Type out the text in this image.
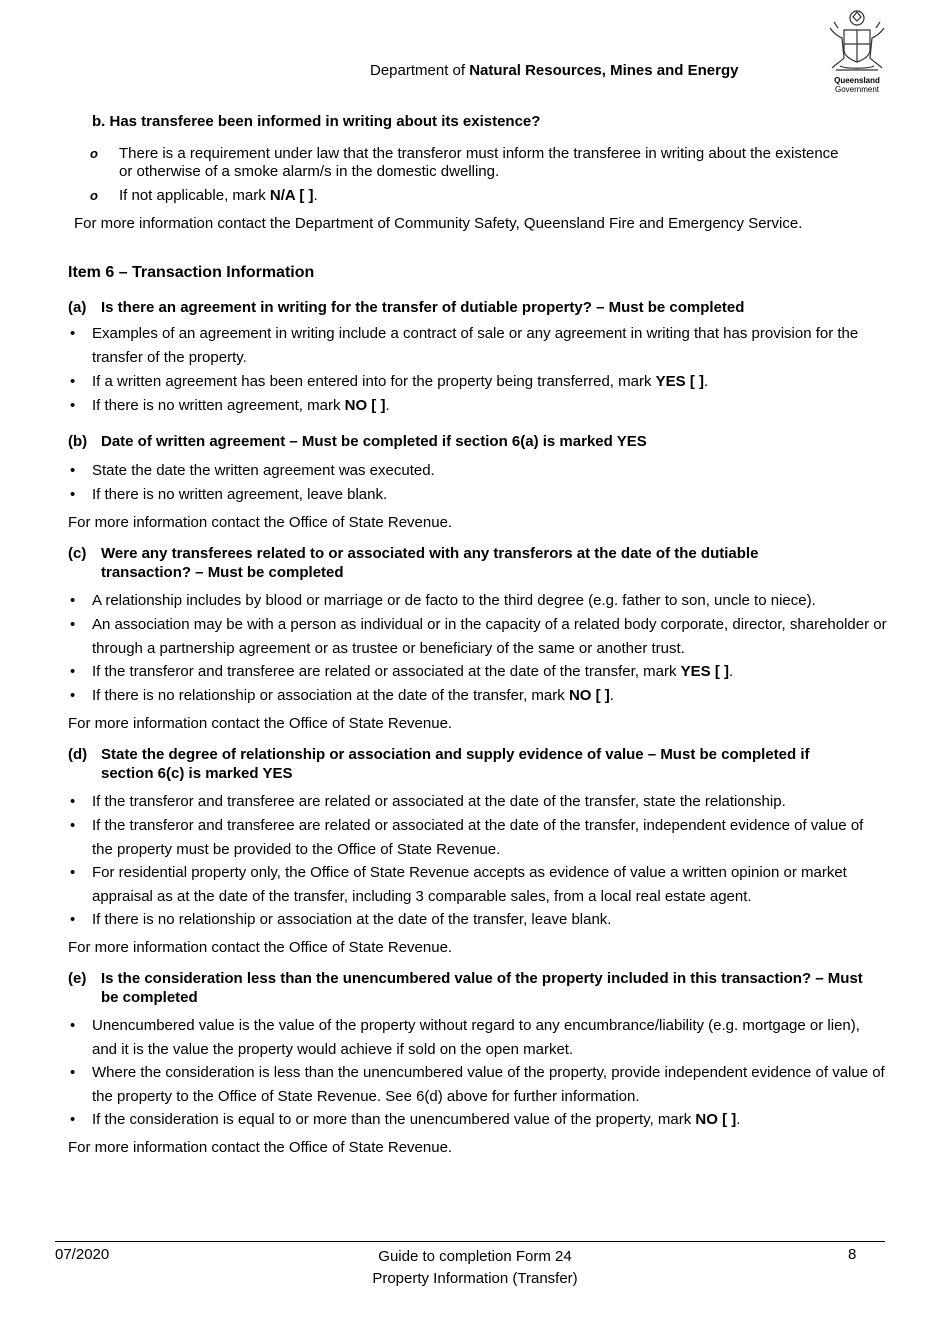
Department of Natural Resources, Mines and Energy
Queensland
Government
b. Has transferee been informed in writing about its existence?
o There is a requirement under law that the transferor must inform the transferee in writing about the existence or otherwise of a smoke alarm/s in the domestic dwelling.
o If not applicable, mark N/A [ ].
For more information contact the Department of Community Safety, Queensland Fire and Emergency Service.
Item 6 – Transaction Information
(a) Is there an agreement in writing for the transfer of dutiable property? – Must be completed
• Examples of an agreement in writing include a contract of sale or any agreement in writing that has provision for the transfer of the property.
• If a written agreement has been entered into for the property being transferred, mark YES [ ].
• If there is no written agreement, mark NO [ ].
(b) Date of written agreement – Must be completed if section 6(a) is marked YES
• State the date the written agreement was executed.
• If there is no written agreement, leave blank.
For more information contact the Office of State Revenue.
(c) Were any transferees related to or associated with any transferors at the date of the dutiable transaction? – Must be completed
• A relationship includes by blood or marriage or de facto to the third degree (e.g. father to son, uncle to niece).
• An association may be with a person as individual or in the capacity of a related body corporate, director, shareholder or through a partnership agreement or as trustee or beneficiary of the same or another trust.
• If the transferor and transferee are related or associated at the date of the transfer, mark YES [ ].
• If there is no relationship or association at the date of the transfer, mark NO [ ].
For more information contact the Office of State Revenue.
(d) State the degree of relationship or association and supply evidence of value – Must be completed if section 6(c) is marked YES
• If the transferor and transferee are related or associated at the date of the transfer, state the relationship.
• If the transferor and transferee are related or associated at the date of the transfer, independent evidence of value of the property must be provided to the Office of State Revenue.
• For residential property only, the Office of State Revenue accepts as evidence of value a written opinion or market appraisal as at the date of the transfer, including 3 comparable sales, from a local real estate agent.
• If there is no relationship or association at the date of the transfer, leave blank.
For more information contact the Office of State Revenue.
(e) Is the consideration less than the unencumbered value of the property included in this transaction? – Must be completed
• Unencumbered value is the value of the property without regard to any encumbrance/liability (e.g. mortgage or lien), and it is the value the property would achieve if sold on the open market.
• Where the consideration is less than the unencumbered value of the property, provide independent evidence of value of the property to the Office of State Revenue. See 6(d) above for further information.
• If the consideration is equal to or more than the unencumbered value of the property, mark NO [ ].
For more information contact the Office of State Revenue.
07/2020	Guide to completion Form 24
Property Information (Transfer)
8
